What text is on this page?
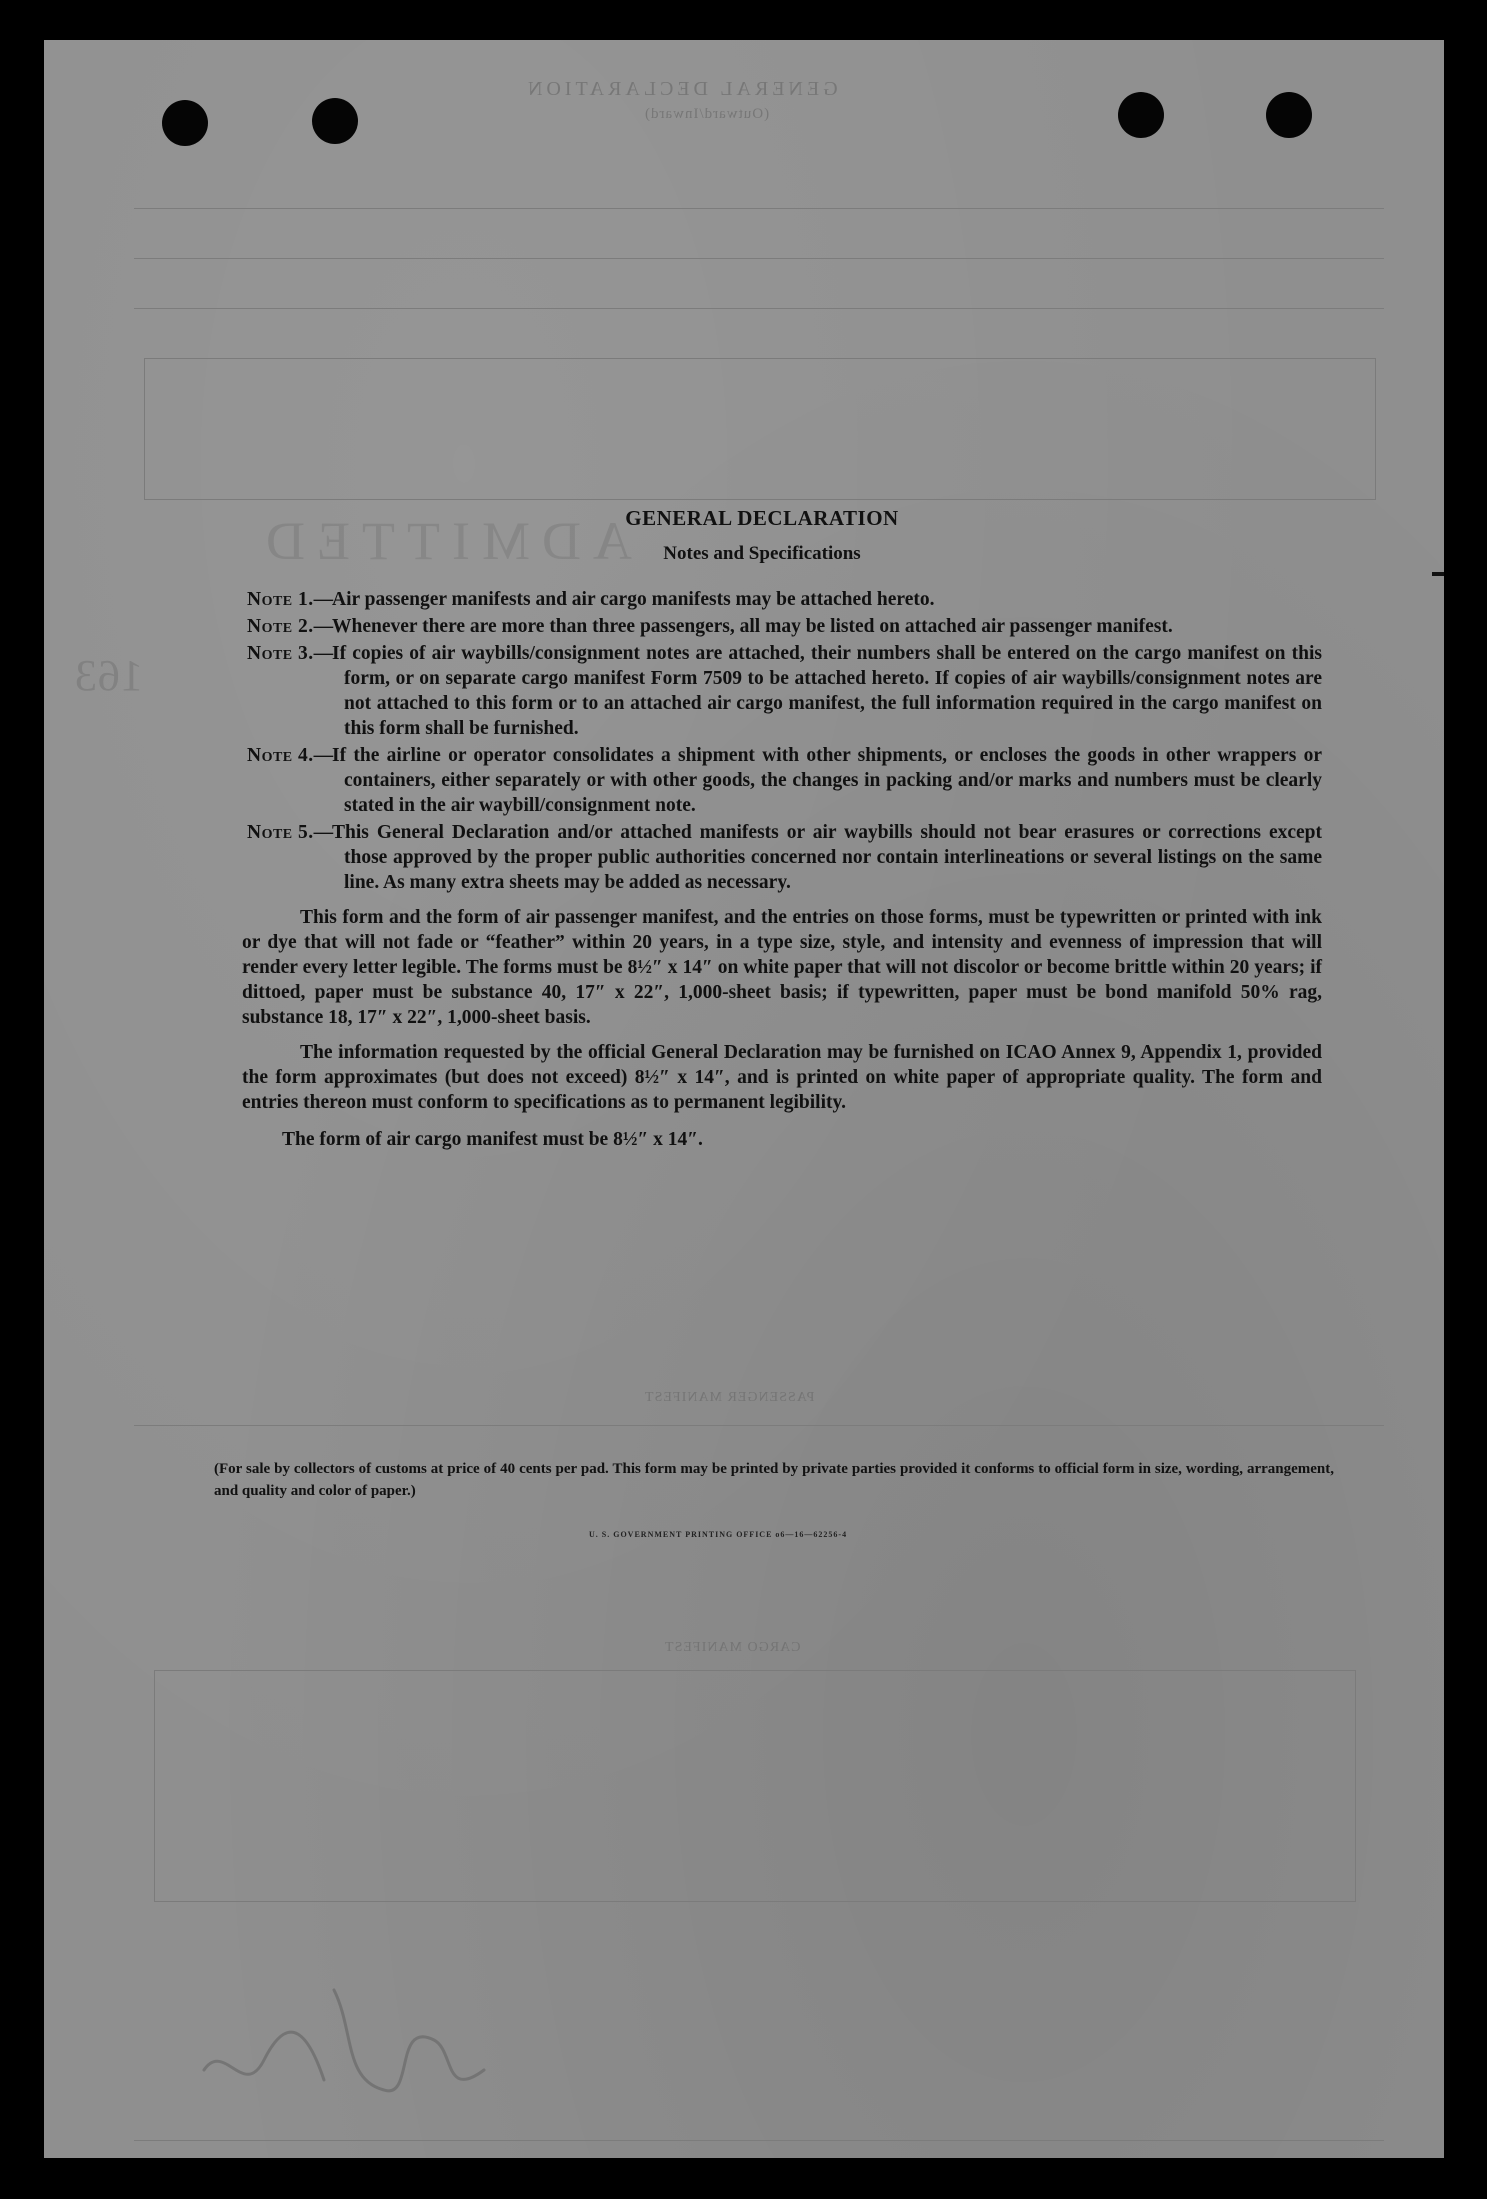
GENERAL DECLARATION
(Outward/Inward)
ADMITTED
163
PASSENGER MANIFEST
CARGO MANIFEST
GENERAL DECLARATION
Notes and Specifications
Note 1.—
Air passenger manifests and air cargo manifests may be attached hereto.
Note 2.—
Whenever there are more than three passengers, all may be listed on attached air passenger manifest.
Note 3.—
If copies of air waybills/consignment notes are attached, their numbers shall be entered on the cargo manifest on this form, or on separate cargo manifest Form 7509 to be attached hereto. If copies of air waybills/consignment notes are not attached to this form or to an attached air cargo manifest, the full information required in the cargo manifest on this form shall be furnished.
Note 4.—
If the airline or operator consolidates a shipment with other shipments, or encloses the goods in other wrappers or containers, either separately or with other goods, the changes in packing and/or marks and numbers must be clearly stated in the air waybill/consignment note.
Note 5.—
This General Declaration and/or attached manifests or air waybills should not bear erasures or corrections except those approved by the proper public authorities concerned nor contain interlineations or several listings on the same line. As many extra sheets may be added as necessary.

This form and the form of air passenger manifest, and the entries on those forms, must be typewritten or printed with ink or dye that will not fade or “feather” within 20 years, in a type size, style, and intensity and evenness of impression that will render every letter legible. The forms must be 8½″ x 14″ on white paper that will not discolor or become brittle within 20 years; if dittoed, paper must be substance 40, 17″ x 22″, 1,000-sheet basis; if typewritten, paper must be bond manifold 50% rag, substance 18, 17″ x 22″, 1,000-sheet basis.

The information requested by the official General Declaration may be furnished on ICAO Annex 9, Appendix 1, provided the form approximates (but does not exceed) 8½″ x 14″, and is printed on white paper of appropriate quality. The form and entries thereon must conform to specifications as to permanent legibility.

The form of air cargo manifest must be 8½″ x 14″.
(For sale by collectors of customs at price of 40 cents per pad. This form may be printed by private parties provided it conforms to official form in size, wording, arrangement, and quality and color of paper.)
U. S. GOVERNMENT PRINTING OFFICE o6—16—62256-4
